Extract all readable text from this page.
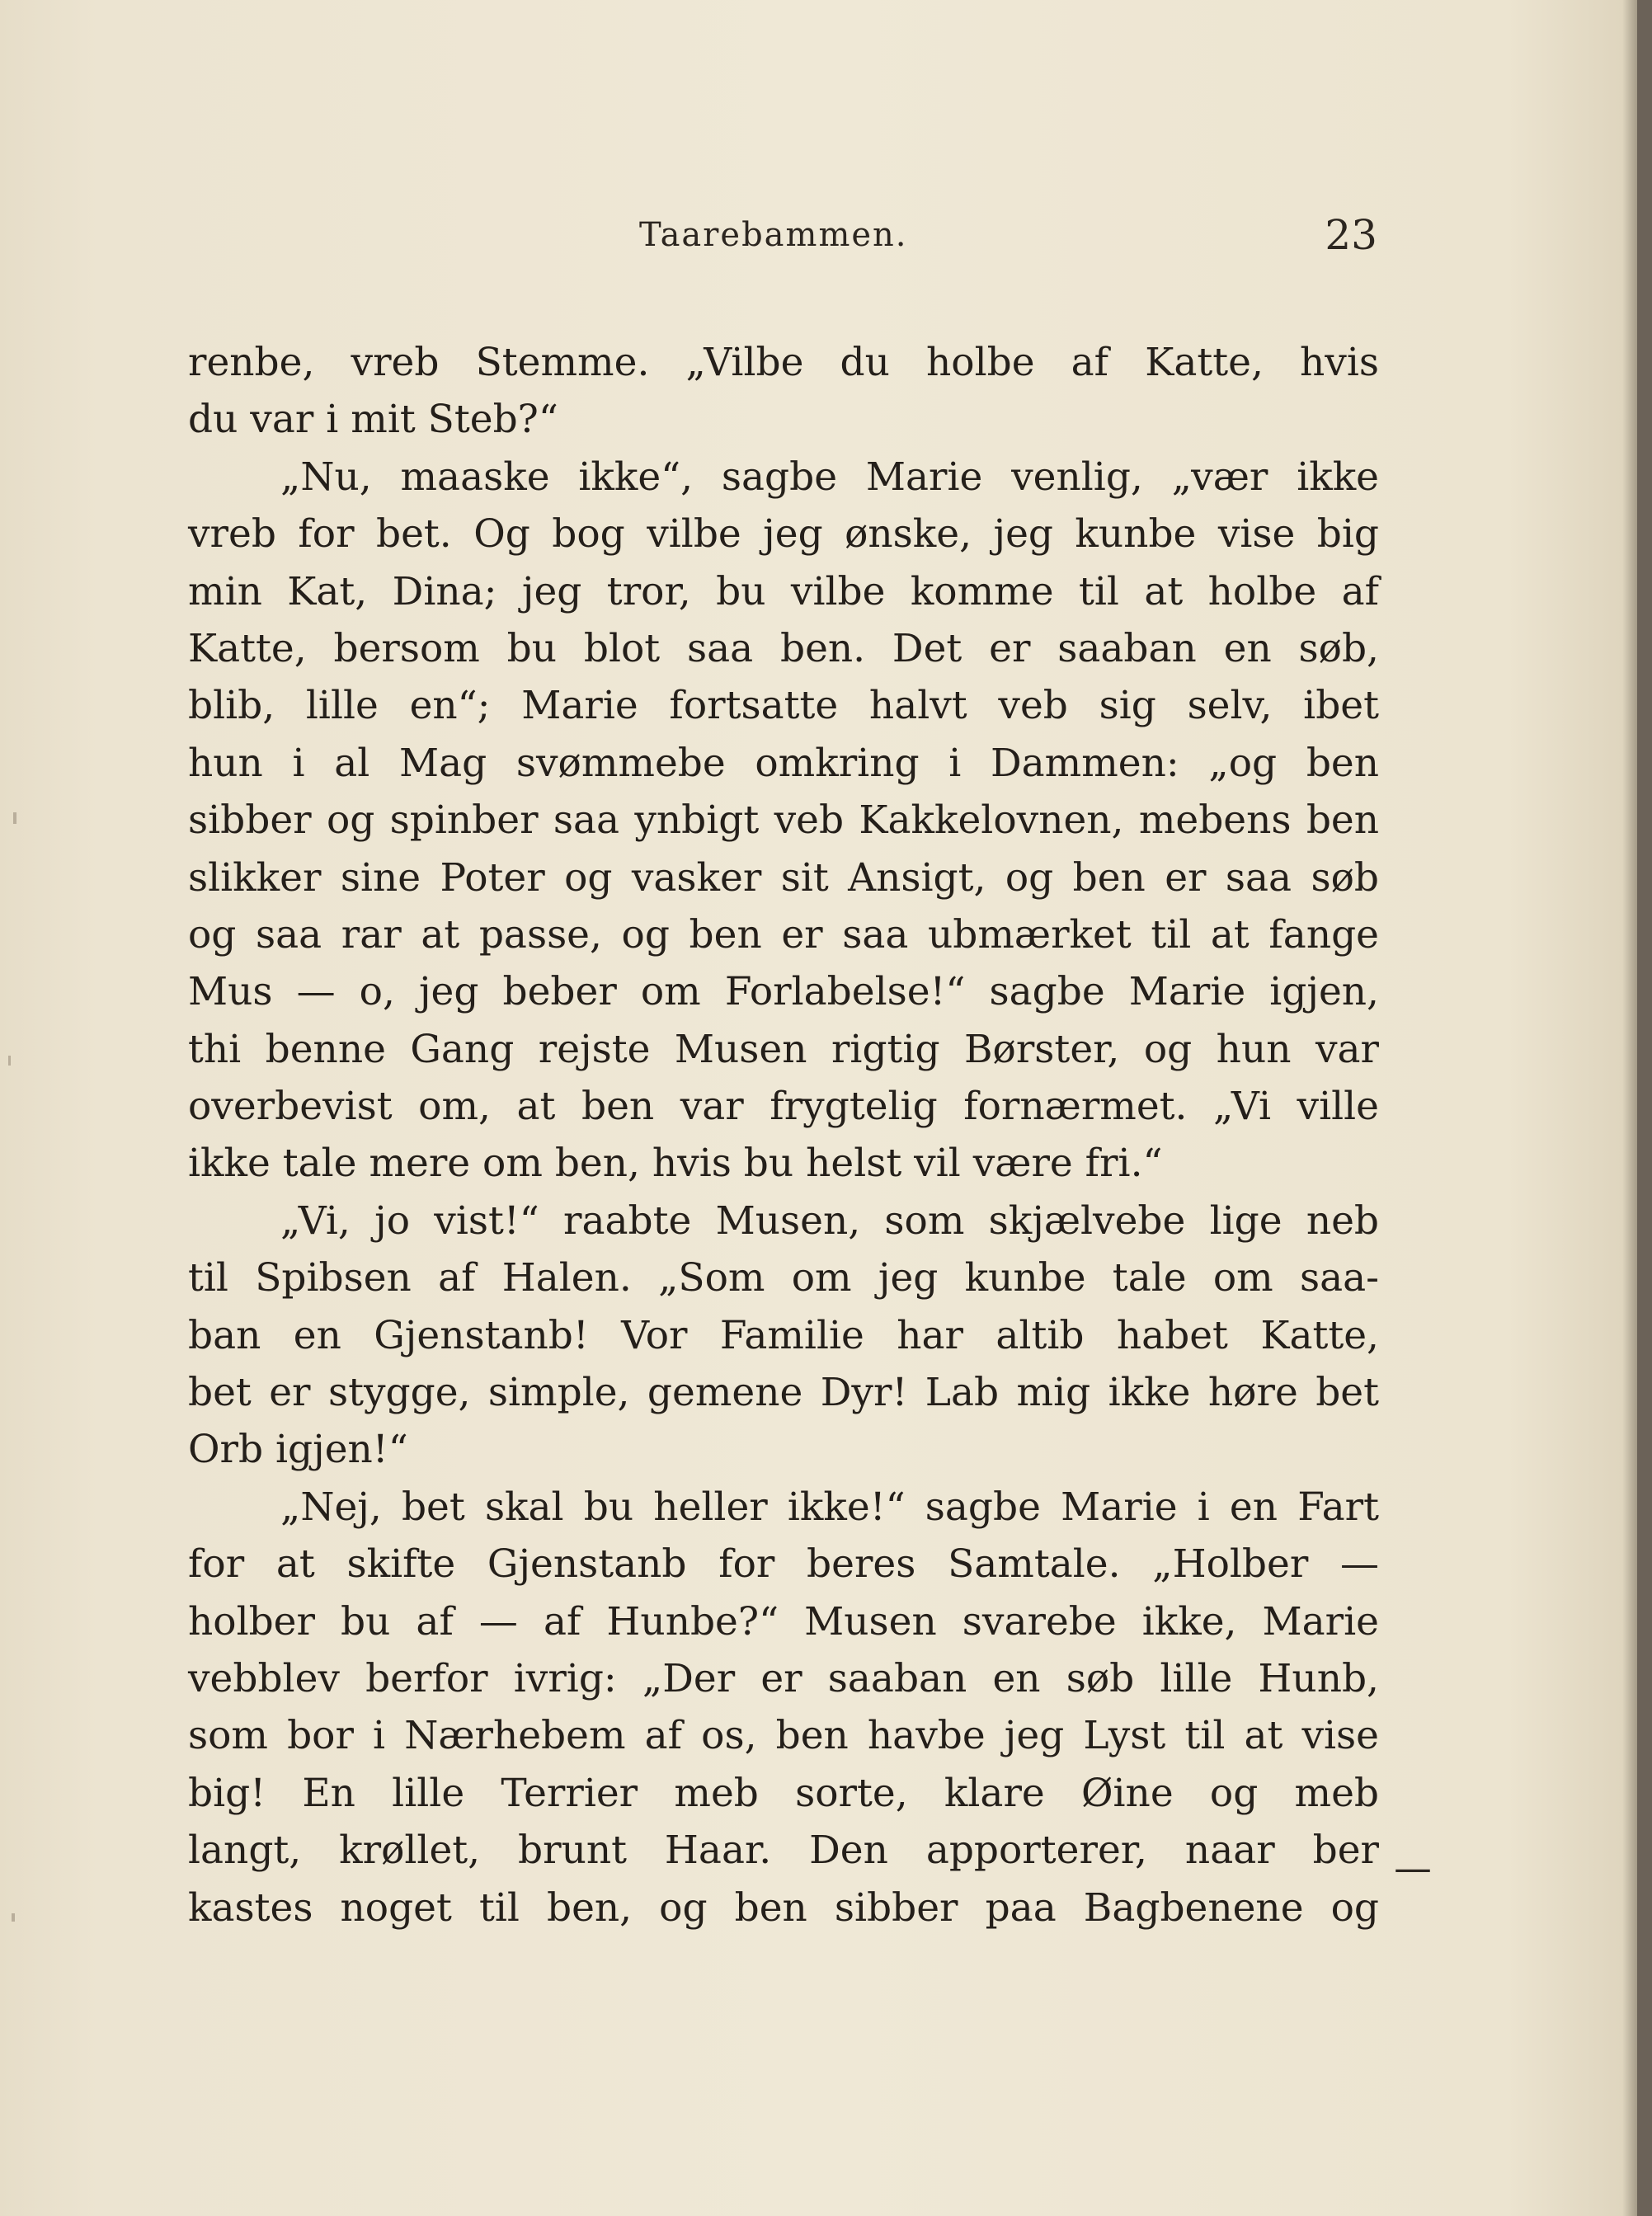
Taarebammen.	23
renbe, vreb Stemme. „Vilbe du holbe af Katte, hvis
du var i mit Steb?“
„Nu, maaske ikke“, sagbe Marie venlig, „vær ikke
vreb for bet. Og bog vilbe jeg ønske, jeg kunbe vise big
min Kat, Dina; jeg tror, bu vilbe komme til at holbe af
Katte, bersom bu blot saa ben. Det er saaban en søb,
blib, lille en“; Marie fortsatte halvt veb sig selv, ibet
hun i al Mag svømmebe omkring i Dammen: „og ben
sibber og spinber saa ynbigt veb Kakkelovnen, mebens ben
slikker sine Poter og vasker sit Ansigt, og ben er saa søb
og saa rar at passe, og ben er saa ubmærket til at fange
Mus — o, jeg beber om Forlabelse!“ sagbe Marie igjen,
thi benne Gang rejste Musen rigtig Børster, og hun var
overbevist om, at ben var frygtelig fornærmet. „Vi ville
ikke tale mere om ben, hvis bu helst vil være fri.“
„Vi, jo vist!“ raabte Musen, som skjælvebe lige neb
til Spibsen af Halen. „Som om jeg kunbe tale om saa-
ban en Gjenstanb! Vor Familie har altib habet Katte,
bet er stygge, simple, gemene Dyr! Lab mig ikke høre bet
Orb igjen!“
„Nej, bet skal bu heller ikke!“ sagbe Marie i en Fart
for at skifte Gjenstanb for beres Samtale. „Holber —
holber bu af — af Hunbe?“ Musen svarebe ikke, Marie
vebblev berfor ivrig: „Der er saaban en søb lille Hunb,
som bor i Nærhebem af os, ben havbe jeg Lyst til at vise
big! En lille Terrier meb sorte, klare Øine og meb
langt, krøllet, brunt Haar. Den apporterer, naar ber
kastes noget til ben, og ben sibber paa Bagbenene og
—
